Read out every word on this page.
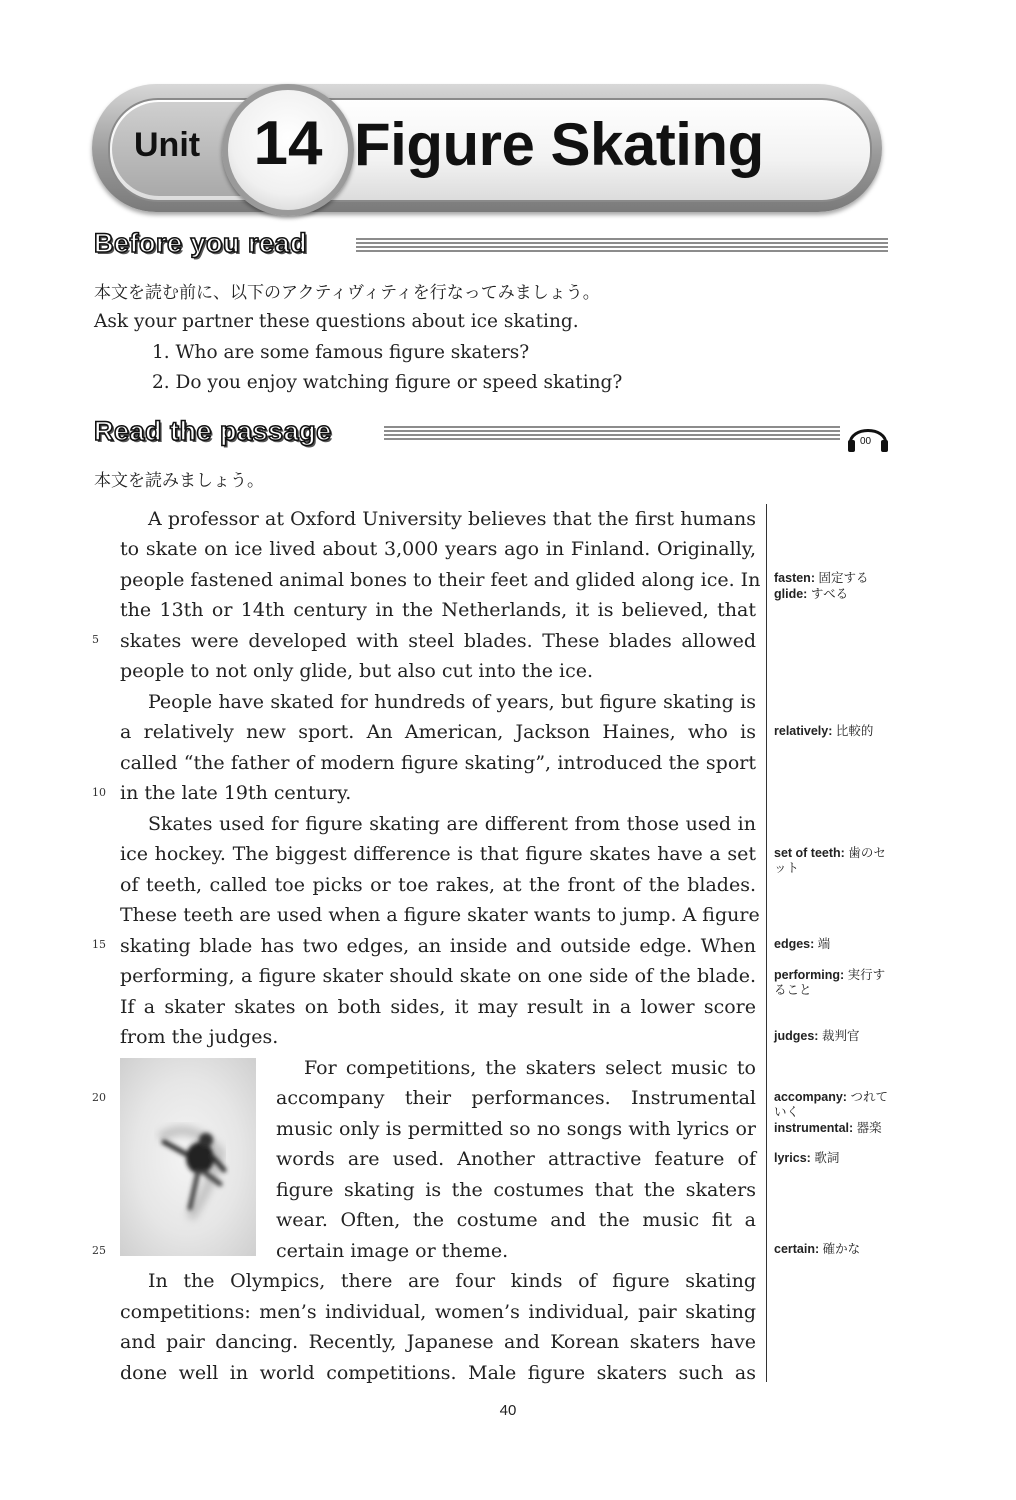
Unit 14 Figure Skating
Before you read
本文を読む前に、以下のアクティヴィティを行なってみましょう。
Ask your partner these questions about ice skating.
1. Who are some famous figure skaters?
2. Do you enjoy watching figure or speed skating?
Read the passage	00
本文を読みましょう。
A professor at Oxford University believes that the first humans
to skate on ice lived about 3,000 years ago in Finland. Originally,
people fastened animal bones to their feet and glided along ice. In
the 13th or 14th century in the Netherlands, it is believed, that
skates were developed with steel blades. These blades allowed
people to not only glide, but also cut into the ice.
People have skated for hundreds of years, but figure skating is
a relatively new sport. An American, Jackson Haines, who is
called “the father of modern figure skating”, introduced the sport
in the late 19th century.
Skates used for figure skating are different from those used in
ice hockey. The biggest difference is that figure skates have a set
of teeth, called toe picks or toe rakes, at the front of the blades.
These teeth are used when a figure skater wants to jump. A figure
skating blade has two edges, an inside and outside edge. When
performing, a figure skater should skate on one side of the blade.
If a skater skates on both sides, it may result in a lower score
from the judges.
For competitions, the skaters select music to
accompany their performances. Instrumental
music only is permitted so no songs with lyrics or
words are used. Another attractive feature of
figure skating is the costumes that the skaters
wear. Often, the costume and the music fit a
certain image or theme.
In the Olympics, there are four kinds of figure skating
competitions: men’s individual, women’s individual, pair skating
and pair dancing. Recently, Japanese and Korean skaters have
done well in world competitions. Male figure skaters such as
5
10
15
20
25
fasten: 固定する
glide: すべる
relatively: 比較的
set of teeth: 歯のセット
edges: 端
performing: 実行すること
judges: 裁判官
accompany: つれていく
instrumental: 器楽
lyrics: 歌詞
certain: 確かな
40
